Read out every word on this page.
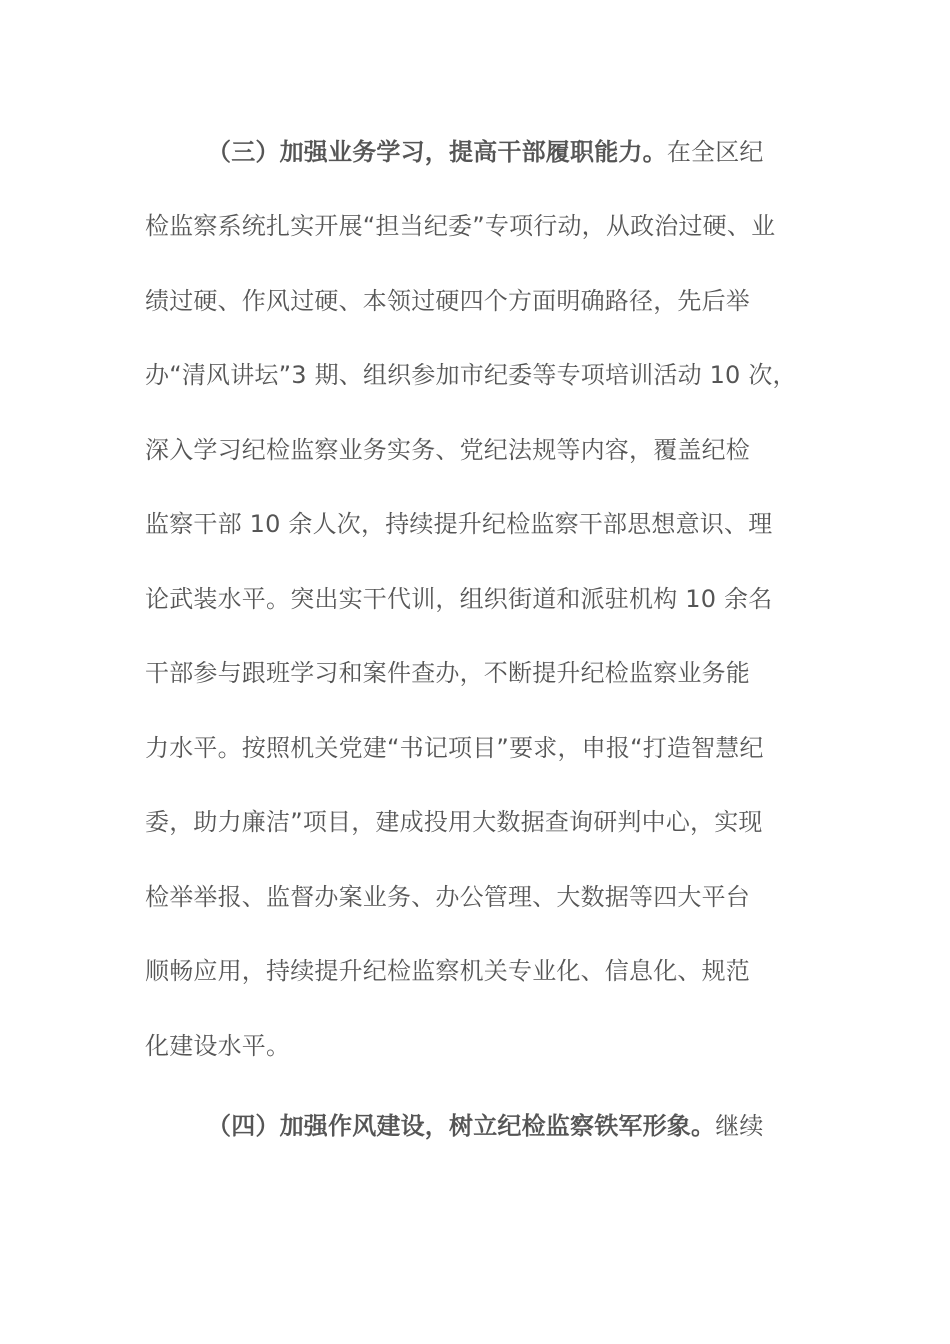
（三）加强业务学习，提高干部履职能力。在全区纪
检监察系统扎实开展“担当纪委”专项行动，从政治过硬、业
绩过硬、作风过硬、本领过硬四个方面明确路径，先后举
办“清风讲坛”3 期、组织参加市纪委等专项培训活动 10 次，
深入学习纪检监察业务实务、党纪法规等内容，覆盖纪检
监察干部 10 余人次，持续提升纪检监察干部思想意识、理
论武装水平。突出实干代训，组织街道和派驻机构 10 余名
干部参与跟班学习和案件查办，不断提升纪检监察业务能
力水平。按照机关党建“书记项目”要求，申报“打造智慧纪
委，助力廉洁”项目，建成投用大数据查询研判中心，实现
检举举报、监督办案业务、办公管理、大数据等四大平台
顺畅应用，持续提升纪检监察机关专业化、信息化、规范
化建设水平。
（四）加强作风建设，树立纪检监察铁军形象。继续
